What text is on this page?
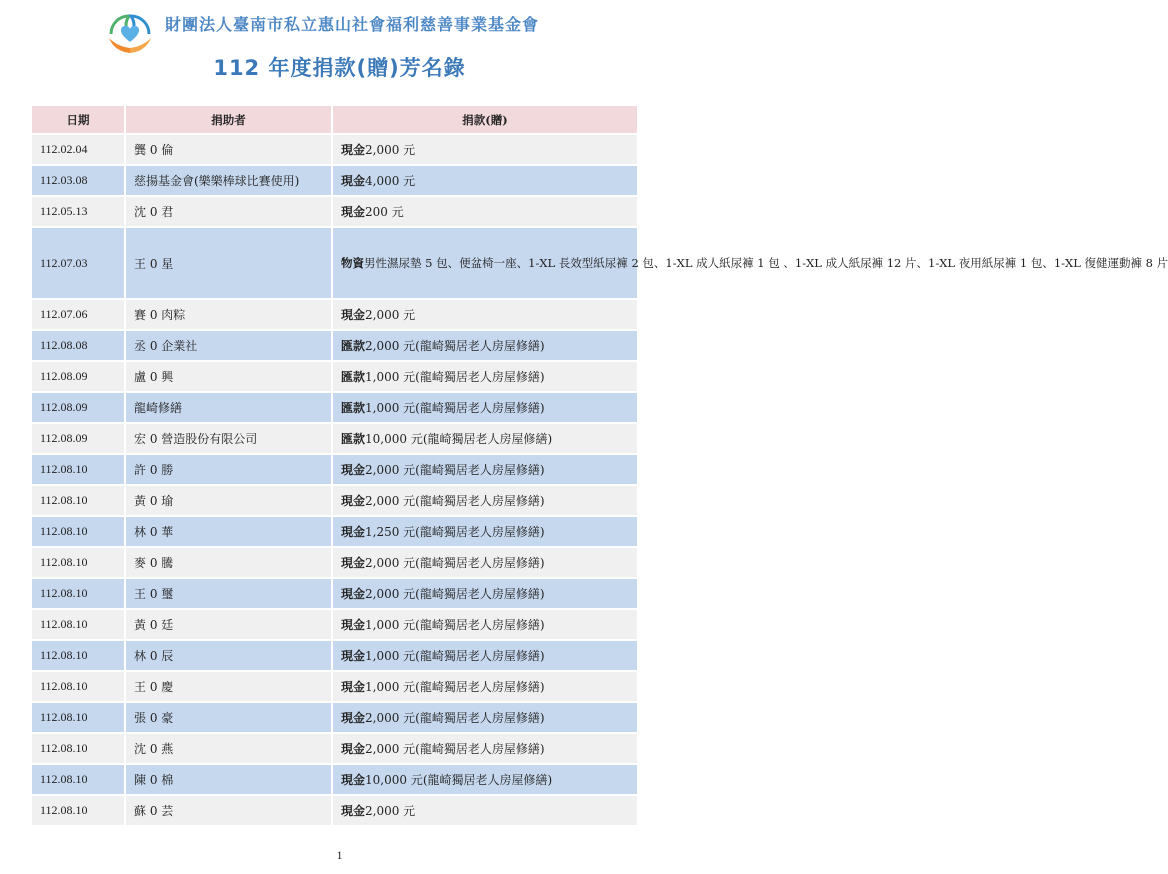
財團法人臺南市私立惠山社會福利慈善事業基金會
112 年度捐款(贈)芳名錄
日期	捐助者	捐款(贈)
112.02.04	龔 0 倫	現金2,000 元
112.03.08	慈揚基金會(樂樂棒球比賽使用)	現金4,000 元
112.05.13	沈 0 君	現金200 元
112.07.03	王 0 星	物資男性濕尿墊 5 包、便盆椅一座、1-XL 長效型紙尿褲 2 包、1-XL 成人紙尿褲 1 包 、1-XL 成人紙尿褲 12 片、1-XL 夜用紙尿褲 1 包、1-XL 復健運動褲 8 片
112.07.06	賽 0 肉粽	現金2,000 元
112.08.08	丞 0 企業社	匯款2,000 元(龍崎獨居老人房屋修繕)
112.08.09	盧 0 興	匯款1,000 元(龍崎獨居老人房屋修繕)
112.08.09	龍崎修繕	匯款1,000 元(龍崎獨居老人房屋修繕)
112.08.09	宏 0 營造股份有限公司	匯款10,000 元(龍崎獨居老人房屋修繕)
112.08.10	許 0 勝	現金2,000 元(龍崎獨居老人房屋修繕)
112.08.10	黃 0 瑜	現金2,000 元(龍崎獨居老人房屋修繕)
112.08.10	林 0 華	現金1,250 元(龍崎獨居老人房屋修繕)
112.08.10	麥 0 騰	現金2,000 元(龍崎獨居老人房屋修繕)
112.08.10	王 0 璽	現金2,000 元(龍崎獨居老人房屋修繕)
112.08.10	黃 0 廷	現金1,000 元(龍崎獨居老人房屋修繕)
112.08.10	林 0 辰	現金1,000 元(龍崎獨居老人房屋修繕)
112.08.10	王 0 慶	現金1,000 元(龍崎獨居老人房屋修繕)
112.08.10	張 0 豪	現金2,000 元(龍崎獨居老人房屋修繕)
112.08.10	沈 0 燕	現金2,000 元(龍崎獨居老人房屋修繕)
112.08.10	陳 0 棉	現金10,000 元(龍崎獨居老人房屋修繕)
112.08.10	蘇 0 芸	現金2,000 元
1
